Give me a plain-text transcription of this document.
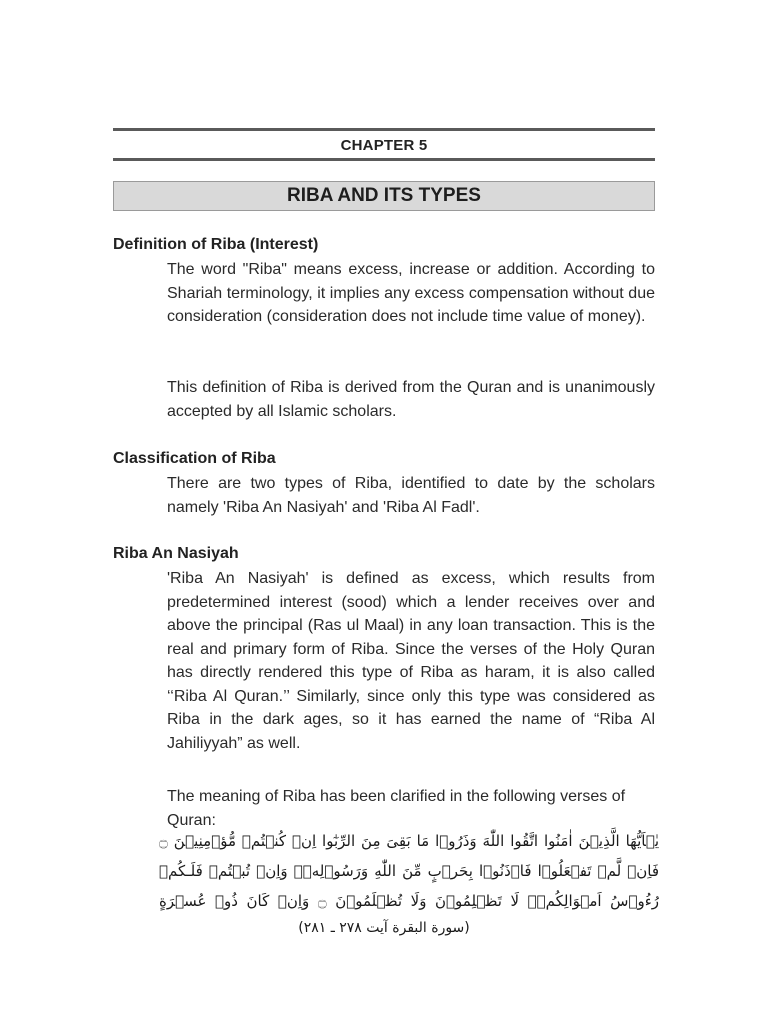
CHAPTER 5
RIBA AND ITS TYPES
Definition of Riba (Interest)
The word "Riba" means excess, increase or addition. According to Shariah terminology, it implies any excess compensation without due consideration (consideration does not include time value of money).
This definition of Riba is derived from the Quran and is unanimously accepted by all Islamic scholars.
Classification of Riba
There are two types of Riba, identified to date by the scholars namely 'Riba An Nasiyah' and 'Riba Al Fadl'.
Riba An Nasiyah
'Riba An Nasiyah' is defined as excess, which results from predetermined interest (sood) which a lender receives over and above the principal (Ras ul Maal) in any loan transaction. This is the real and primary form of Riba. Since the verses of the Holy Quran has directly rendered this type of Riba as haram, it is also called ‘‘Riba Al Quran.’’ Similarly, since only this type was considered as Riba in the dark ages, so it has earned the name of “Riba Al Jahiliyyah” as well.
The meaning of Riba has been clarified in the following verses of Quran:
يٰۤاَيُّهَا الَّذِيۡنَ اٰمَنُوا اتَّقُوا اللّٰهَ وَذَرُوۡا مَا بَقِىَ مِنَ الرِّبٰٓوا اِنۡ كُنۡتُمۡ مُّؤۡمِنِيۡنَ ۝ فَاِنۡ لَّمۡ تَفۡعَلُوۡا فَاۡذَنُوۡا بِحَرۡبٍ مِّنَ اللّٰهِ وَرَسُوۡلِهٖ‌ۚ وَاِنۡ تُبۡتُمۡ فَلَـكُمۡ رُءُوۡسُ اَمۡوَالِكُمۡ‌ۚ لَا تَظۡلِمُوۡنَ وَلَا تُظۡلَمُوۡنَ ۝ وَاِنۡ كَانَ ذُوۡ عُسۡرَةٍ
(سورة البقرة آيت ٢٧٨ ـ ٢٨١)
